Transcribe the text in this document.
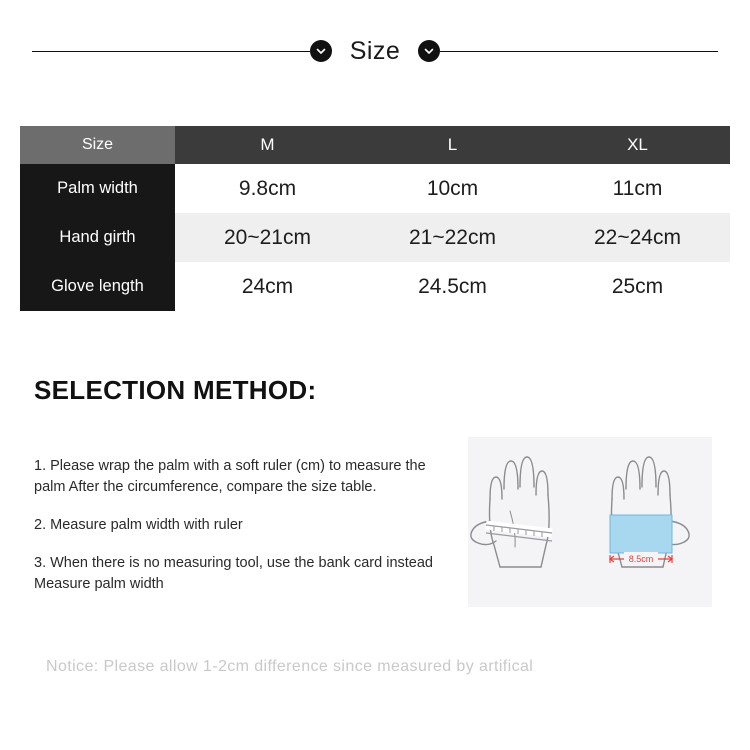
Size
Size	M	L	XL
Palm width	9.8cm	10cm	11cm
Hand girth	20~21cm	21~22cm	22~24cm
Glove length	24cm	24.5cm	25cm
SELECTION METHOD:
1. Please wrap the palm with a soft ruler (cm) to measure the palm After the circumference, compare the size table.
2. Measure palm width with ruler
3. When there is no measuring tool, use the bank card instead Measure palm width
8.5cm
Notice: Please allow 1-2cm difference since measured by artifical
